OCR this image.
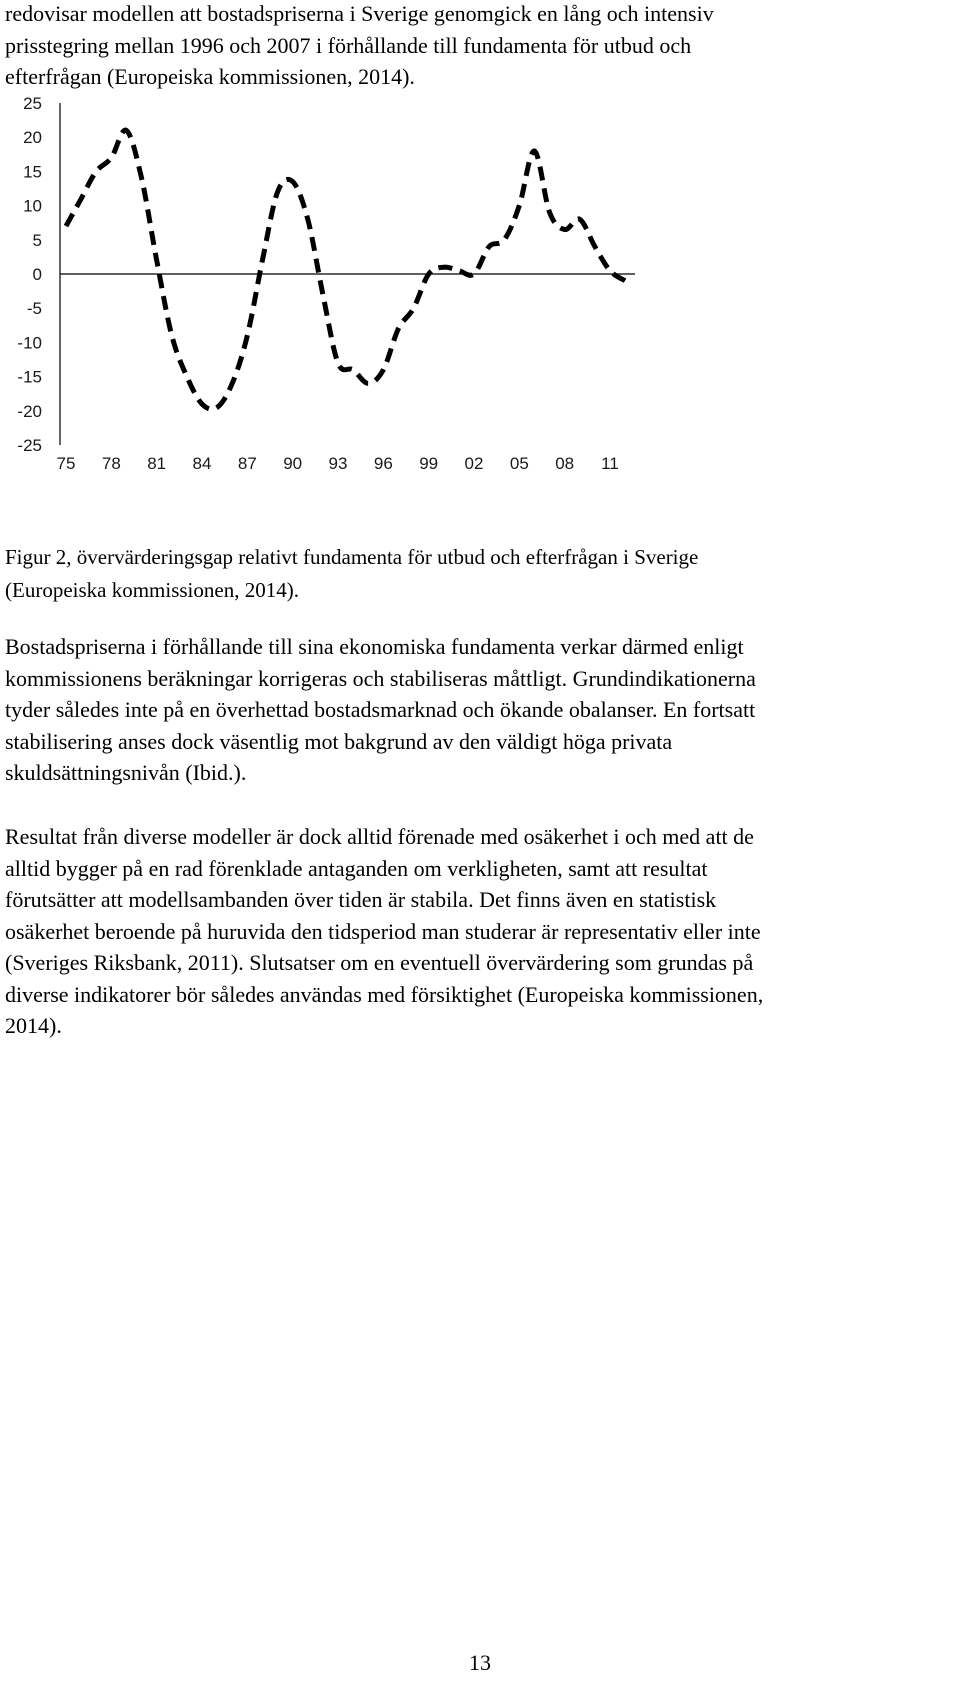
redovisar modellen att bostadspriserna i Sverige genomgick en lång och intensiv
prisstegring mellan 1996 och 2007 i förhållande till fundamenta för utbud och
efterfrågan (Europeiska kommissionen, 2014).

25
20
15
10
5
0
-5
-10
-15
-20
-25
75 78 81 84 87 90 93 96 99 02 05 08 11

Figur 2, övervärderingsgap relativt fundamenta för utbud och efterfrågan i Sverige
(Europeiska kommissionen, 2014).

Bostadspriserna i förhållande till sina ekonomiska fundamenta verkar därmed enligt
kommissionens beräkningar korrigeras och stabiliseras måttligt. Grundindikationerna
tyder således inte på en överhettad bostadsmarknad och ökande obalanser. En fortsatt
stabilisering anses dock väsentlig mot bakgrund av den väldigt höga privata
skuldsättningsnivån (Ibid.).

Resultat från diverse modeller är dock alltid förenade med osäkerhet i och med att de
alltid bygger på en rad förenklade antaganden om verkligheten, samt att resultat
förutsätter att modellsambanden över tiden är stabila. Det finns även en statistisk
osäkerhet beroende på huruvida den tidsperiod man studerar är representativ eller inte
(Sveriges Riksbank, 2011). Slutsatser om en eventuell övervärdering som grundas på
diverse indikatorer bör således användas med försiktighet (Europeiska kommissionen,
2014).

13
